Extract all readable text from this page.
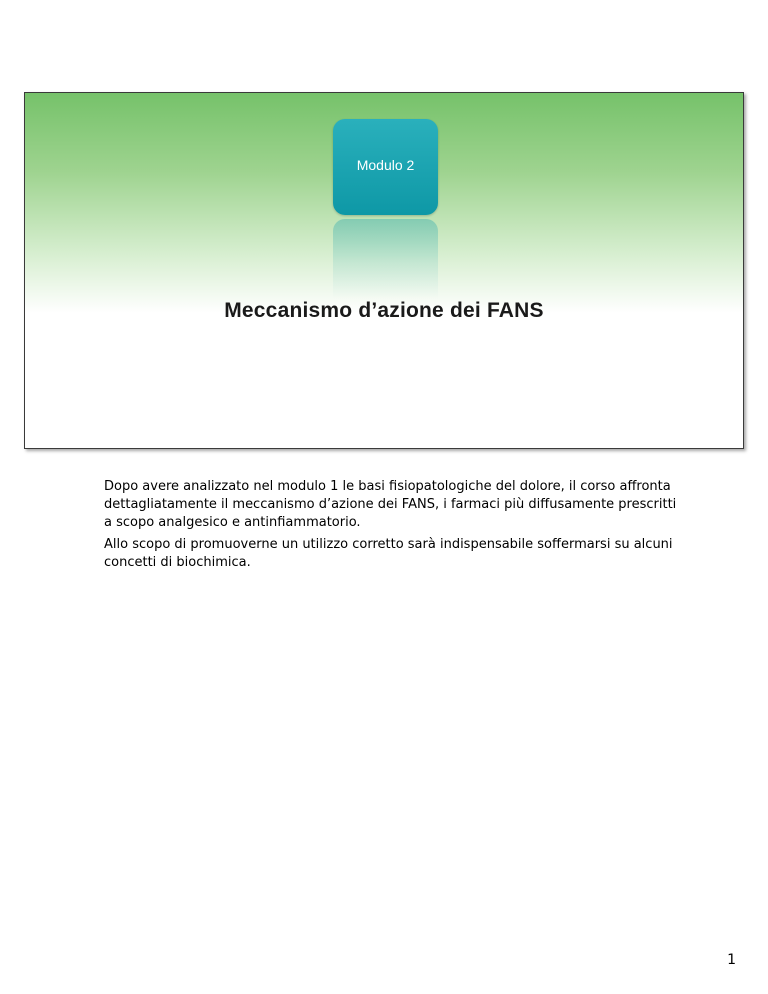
Modulo 2
Meccanismo d’azione dei FANS

Dopo avere analizzato nel modulo 1 le basi fisiopatologiche del dolore, il corso affronta dettagliatamente il meccanismo d’azione dei FANS, i farmaci più diffusamente prescritti a scopo analgesico e antinfiammatorio.

Allo scopo di promuoverne un utilizzo corretto sarà indispensabile soffermarsi su alcuni concetti di biochimica.

1
